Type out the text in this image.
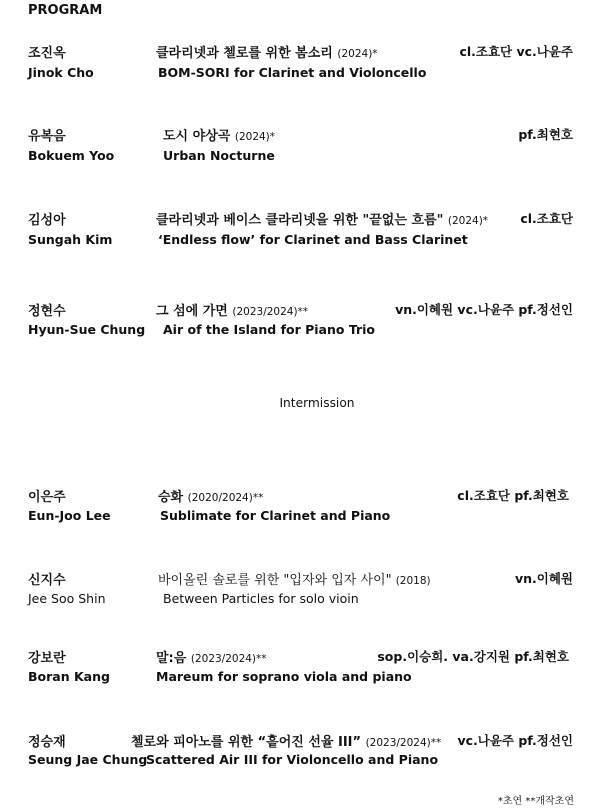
PROGRAM
조진옥
Jinok Cho
클라리넷과 첼로를 위한 봄소리 (2024)*
BOM-SORI for Clarinet and Violoncello
cl.조효단 vc.나윤주
유복음
Bokuem Yoo
도시 야상곡 (2024)*
Urban Nocturne
pf.최현호
김성아
Sungah Kim
클라리넷과 베이스 클라리넷을 위한 "끝없는 흐름" (2024)*
‘Endless flow’ for Clarinet and Bass Clarinet
cl.조효단
정현수
Hyun-Sue Chung
그 섬에 가면 (2023/2024)**
Air of the Island for Piano Trio
vn.이혜원 vc.나윤주 pf.정선인
Intermission
이은주
Eun-Joo Lee
승화 (2020/2024)**
Sublimate for Clarinet and Piano
cl.조효단 pf.최현호
신지수
Jee Soo Shin
바이올린 솔로를 위한 "입자와 입자 사이" (2018)
Between Particles for solo vioin
vn.이혜원
강보란
Boran Kang
말:음 (2023/2024)**
Mareum for soprano viola and piano
sop.이승희. va.강지원 pf.최현호
정승재
Seung Jae Chung
첼로와 피아노를 위한 “흩어진 선율 III” (2023/2024)**
Scattered Air III for Violoncello and Piano
vc.나윤주 pf.정선인
*초연 **개작초연
